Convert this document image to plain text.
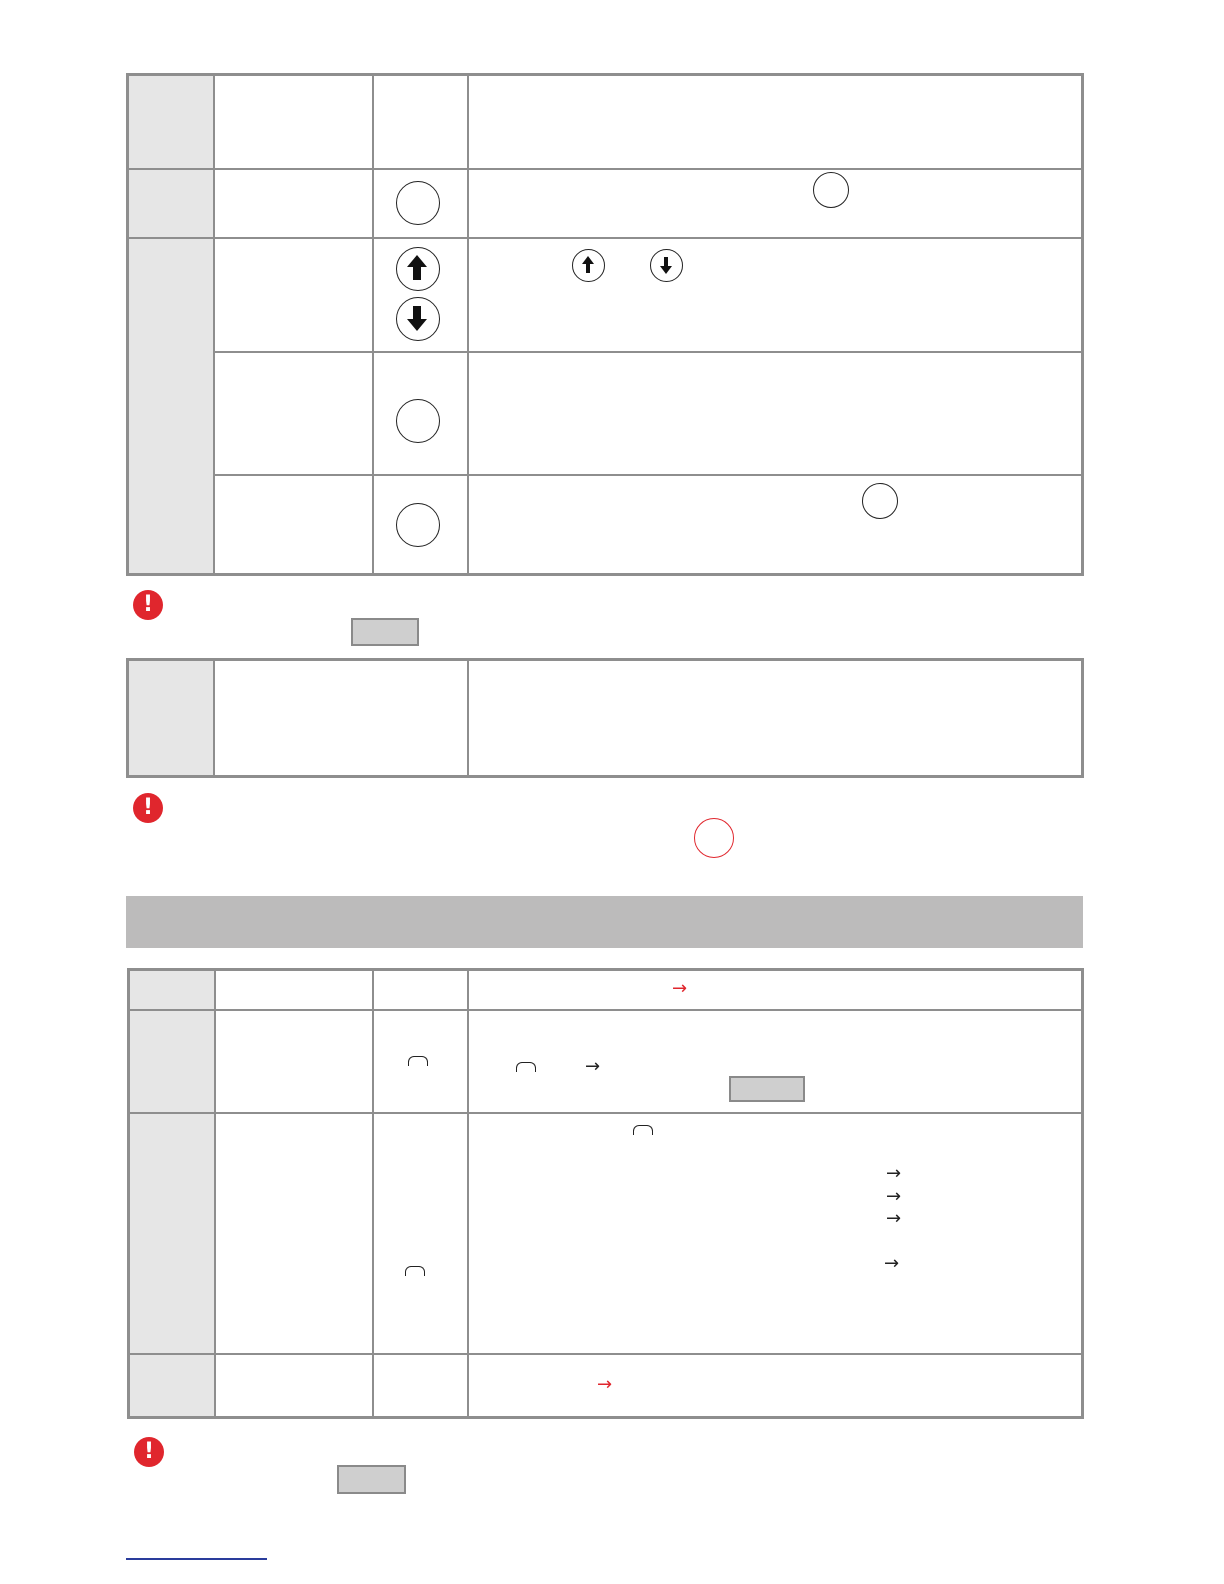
!
!
→
→
→
→
→
→
→
!
